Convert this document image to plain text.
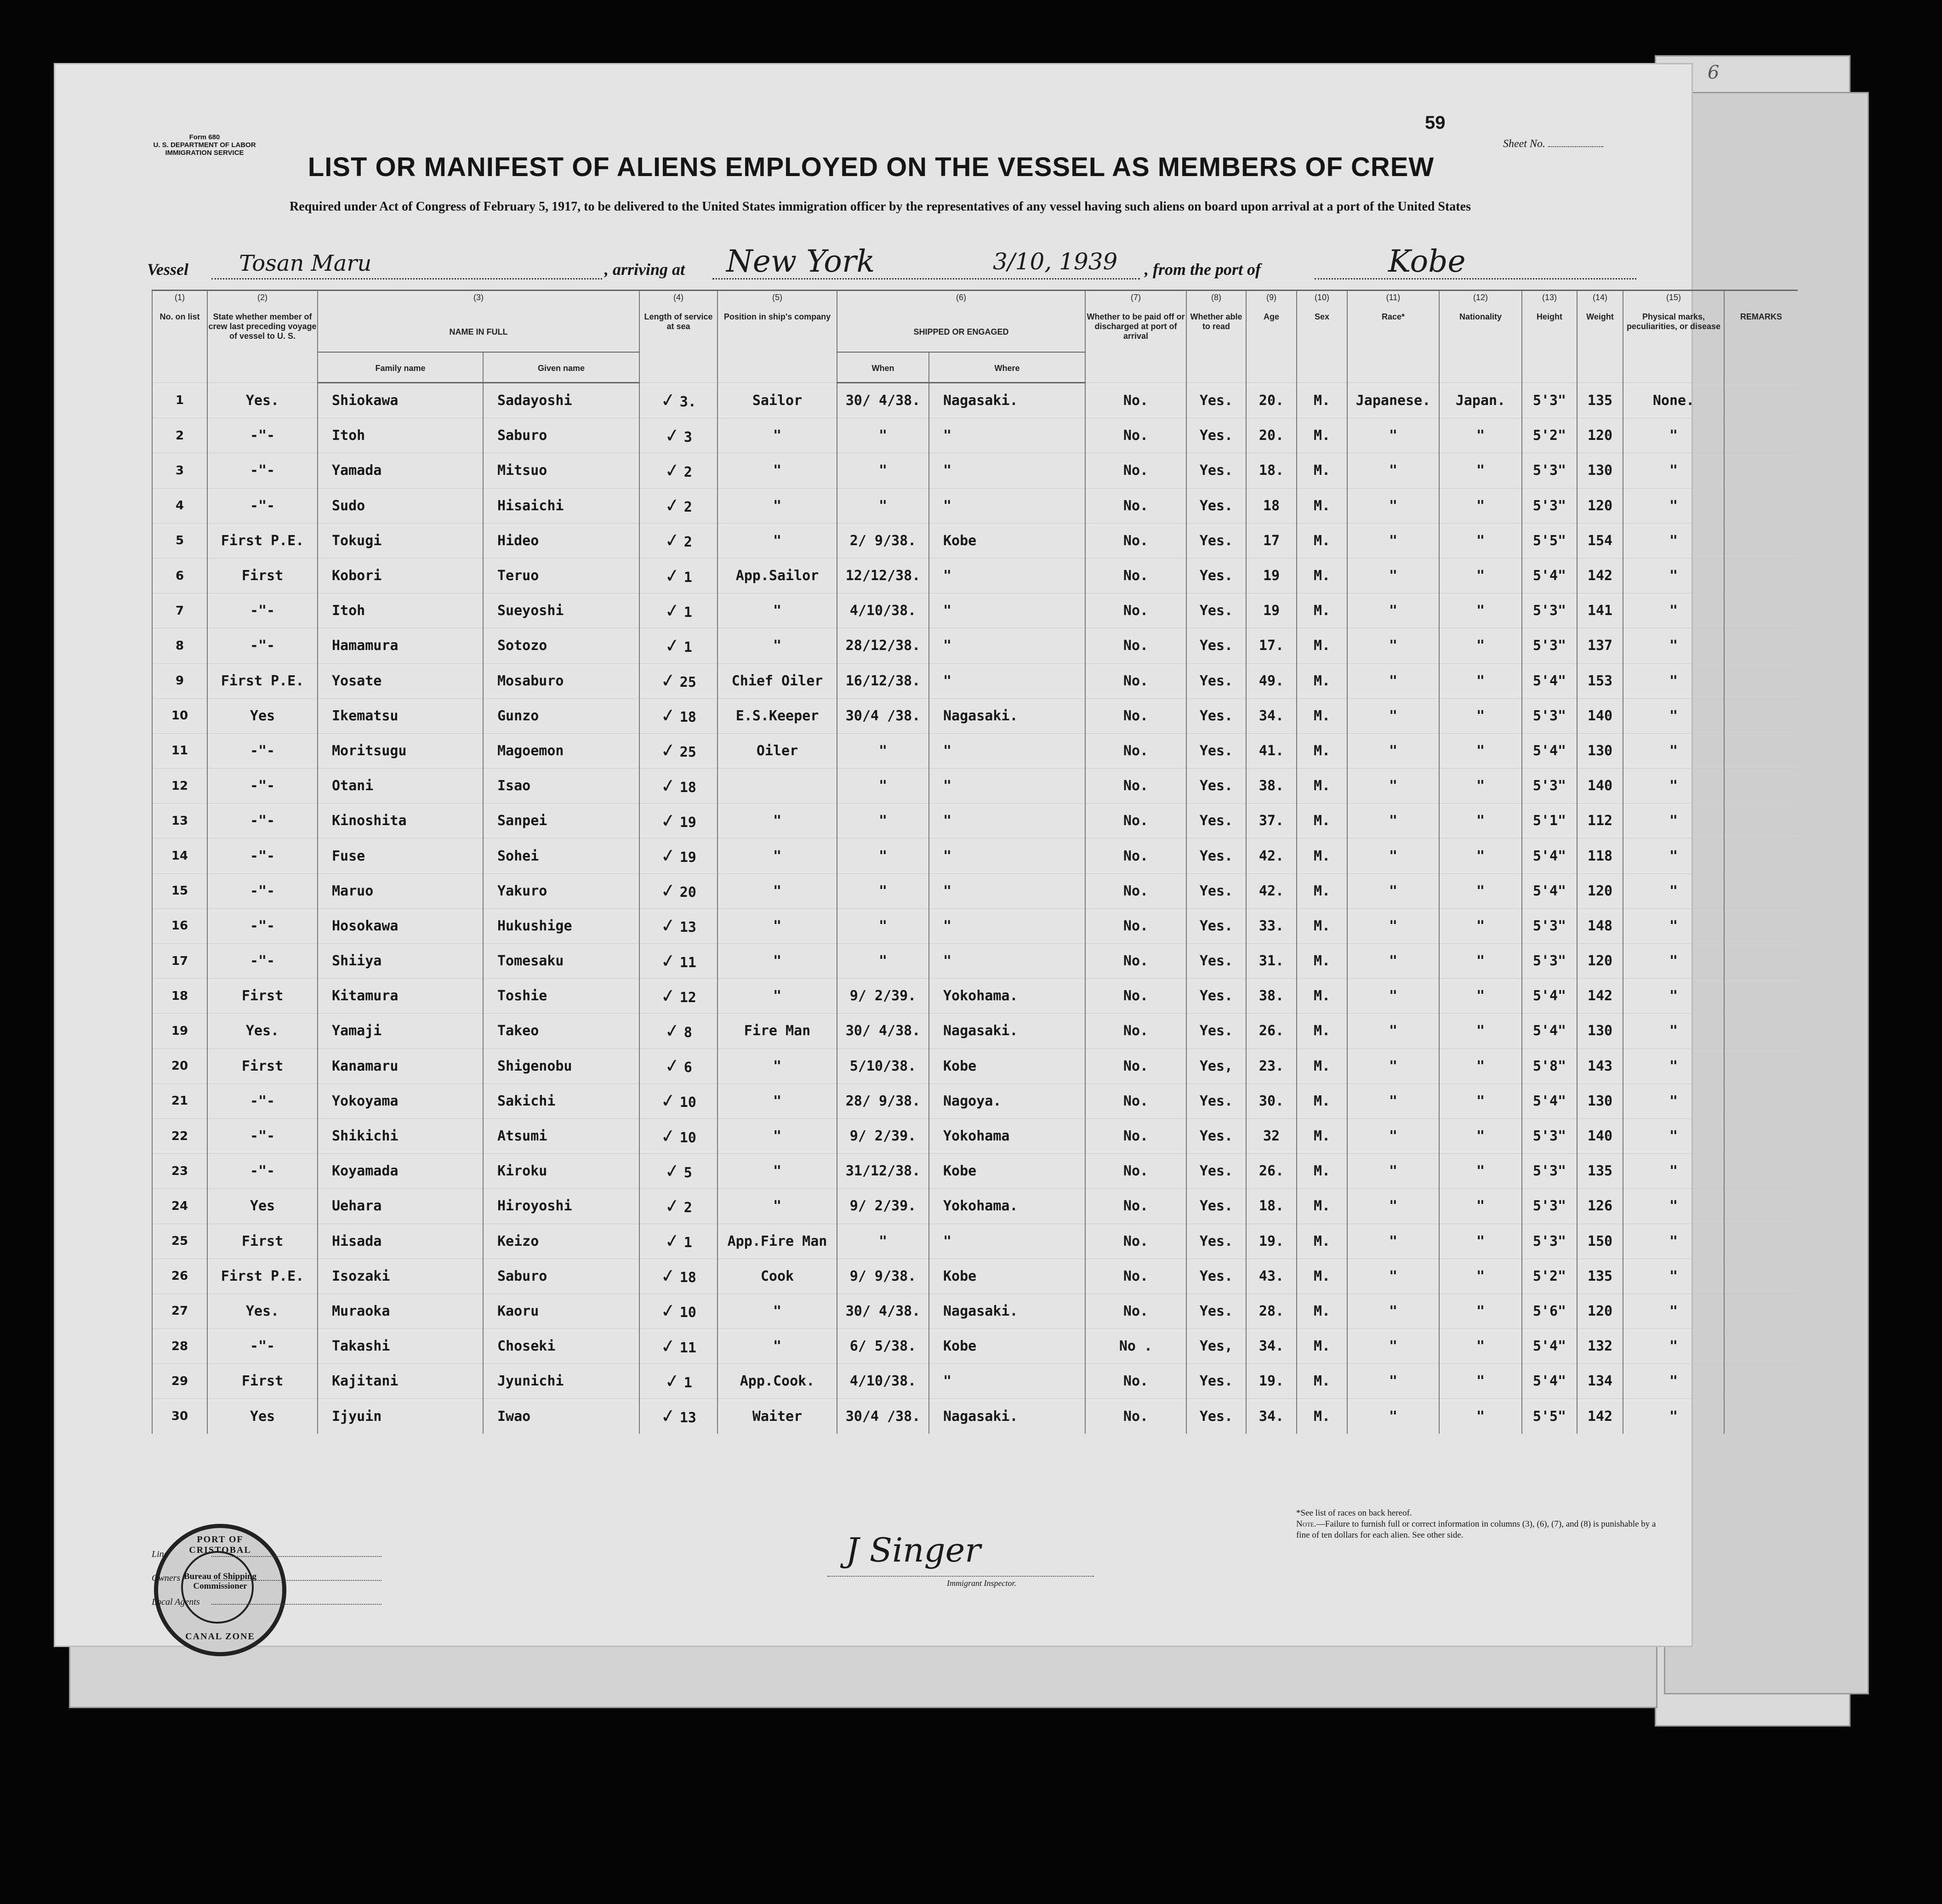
6
Form 680
U. S. DEPARTMENT OF LABOR
IMMIGRATION SERVICE
59
Sheet No.
LIST OR MANIFEST OF ALIENS EMPLOYED ON THE VESSEL AS MEMBERS OF CREW
Required under Act of Congress of February 5, 1917, to be delivered to the United States immigration officer by the representatives of any vessel having such aliens on board upon arrival at a port of the United States
Vessel Tosan Maru	, arriving at New York	3/10, 1939 , from the port of	Kobe
(1)	(2)	(3)		(4)	(5)	(6)		(7)	(8)	(9)	(10)	(11)	(12)	(13)	(14)	(15)	
No. on list	State whether member of crew last preceding voyage of vessel to U. S.	NAME IN FULL		Length of service at sea	Position in ship's company	SHIPPED OR ENGAGED		Whether to be paid off or discharged at port of arrival	Whether able to read	Age	Sex	Race*	Nationality	Height	Weight	Physical marks, peculiarities, or disease	REMARKS
		Family name	Given name			When	Where										
1	Yes.	Shiokawa	Sadayoshi	✓ 3.	Sailor	30/ 4/38.	Nagasaki.	No.	Yes.	20.	M.	Japanese.	Japan.	5'3"	135	None.	
2	-"-	Itoh	Saburo	✓ 3	"	"	"	No.	Yes.	20.	M.	"	"	5'2"	120	"	
3	-"-	Yamada	Mitsuo	✓ 2	"	"	"	No.	Yes.	18.	M.	"	"	5'3"	130	"	
4	-"-	Sudo	Hisaichi	✓ 2	"	"	"	No.	Yes.	18	M.	"	"	5'3"	120	"	
5	First P.E.	Tokugi	Hideo	✓ 2	"	2/ 9/38.	Kobe	No.	Yes.	17	M.	"	"	5'5"	154	"	
6	First	Kobori	Teruo	✓ 1	App.Sailor	12/12/38.	"	No.	Yes.	19	M.	"	"	5'4"	142	"	
7	-"-	Itoh	Sueyoshi	✓ 1	"	4/10/38.	"	No.	Yes.	19	M.	"	"	5'3"	141	"	
8	-"-	Hamamura	Sotozo	✓ 1	"	28/12/38.	"	No.	Yes.	17.	M.	"	"	5'3"	137	"	
9	First P.E.	Yosate	Mosaburo	✓ 25	Chief Oiler	16/12/38.	"	No.	Yes.	49.	M.	"	"	5'4"	153	"	
10	Yes	Ikematsu	Gunzo	✓ 18	E.S.Keeper	30/4 /38.	Nagasaki.	No.	Yes.	34.	M.	"	"	5'3"	140	"	
11	-"-	Moritsugu	Magoemon	✓ 25	Oiler	"	"	No.	Yes.	41.	M.	"	"	5'4"	130	"	
12	-"-	Otani	Isao	✓ 18		"	"	No.	Yes.	38.	M.	"	"	5'3"	140	"	
13	-"-	Kinoshita	Sanpei	✓ 19	"	"	"	No.	Yes.	37.	M.	"	"	5'1"	112	"	
14	-"-	Fuse	Sohei	✓ 19	"	"	"	No.	Yes.	42.	M.	"	"	5'4"	118	"	
15	-"-	Maruo	Yakuro	✓ 20	"	"	"	No.	Yes.	42.	M.	"	"	5'4"	120	"	
16	-"-	Hosokawa	Hukushige	✓ 13	"	"	"	No.	Yes.	33.	M.	"	"	5'3"	148	"	
17	-"-	Shiiya	Tomesaku	✓ 11	"	"	"	No.	Yes.	31.	M.	"	"	5'3"	120	"	
18	First	Kitamura	Toshie	✓ 12	"	9/ 2/39.	Yokohama.	No.	Yes.	38.	M.	"	"	5'4"	142	"	
19	Yes.	Yamaji	Takeo	✓ 8	Fire Man	30/ 4/38.	Nagasaki.	No.	Yes.	26.	M.	"	"	5'4"	130	"	
20	First	Kanamaru	Shigenobu	✓ 6	"	5/10/38.	Kobe	No.	Yes,	23.	M.	"	"	5'8"	143	"	
21	-"-	Yokoyama	Sakichi	✓ 10	"	28/ 9/38.	Nagoya.	No.	Yes.	30.	M.	"	"	5'4"	130	"	
22	-"-	Shikichi	Atsumi	✓ 10	"	9/ 2/39.	Yokohama	No.	Yes.	32	M.	"	"	5'3"	140	"	
23	-"-	Koyamada	Kiroku	✓ 5	"	31/12/38.	Kobe	No.	Yes.	26.	M.	"	"	5'3"	135	"	
24	Yes	Uehara	Hiroyoshi	✓ 2	"	9/ 2/39.	Yokohama.	No.	Yes.	18.	M.	"	"	5'3"	126	"	
25	First	Hisada	Keizo	✓ 1	App.Fire Man	"	"	No.	Yes.	19.	M.	"	"	5'3"	150	"	
26	First P.E.	Isozaki	Saburo	✓ 18	Cook	9/ 9/38.	Kobe	No.	Yes.	43.	M.	"	"	5'2"	135	"	
27	Yes.	Muraoka	Kaoru	✓ 10	"	30/ 4/38.	Nagasaki.	No.	Yes.	28.	M.	"	"	5'6"	120	"	
28	-"-	Takashi	Choseki	✓ 11	"	6/ 5/38.	Kobe	No .	Yes,	34.	M.	"	"	5'4"	132	"	
29	First	Kajitani	Jyunichi	✓ 1	App.Cook.	4/10/38.	"	No.	Yes.	19.	M.	"	"	5'4"	134	"	
30	Yes	Ijyuin	Iwao	✓ 13	Waiter	30/4 /38.	Nagasaki.	No.	Yes.	34.	M.	"	"	5'5"	142	"	
PORT OF CRISTOBAL
Bureau of Shipping Commissioner
CANAL ZONE
Line
Owners
Local Agents
J Singer
Immigrant Inspector.
*See list of races on back hereof.
Note.—Failure to furnish full or correct information in columns (3), (6), (7), and (8) is punishable by a fine of ten dollars for each alien. See other side.
